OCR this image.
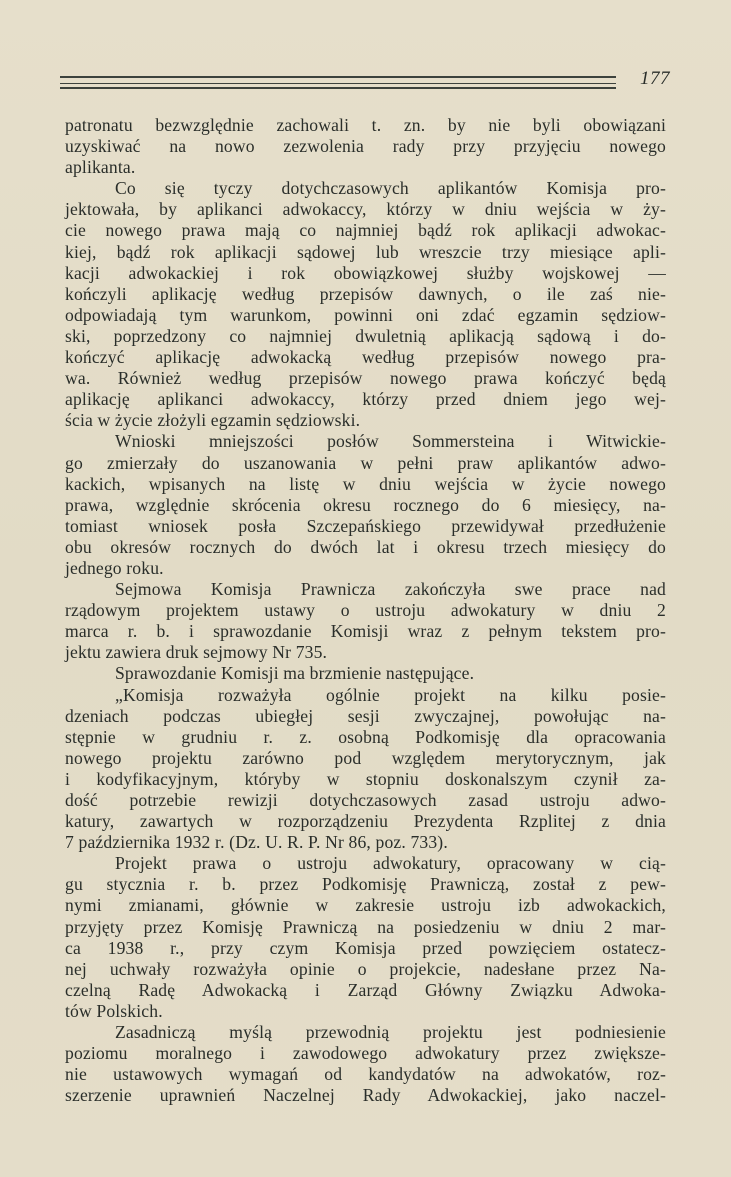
177

patronatu bezwzględnie zachowali t. zn. by nie byli obowiązani

uzyskiwać na nowo zezwolenia rady przy przyjęciu nowego

aplikanta.

Co się tyczy dotychczasowych aplikantów Komisja pro-

jektowała, by aplikanci adwokaccy, którzy w dniu wejścia w ży-

cie nowego prawa mają co najmniej bądź rok aplikacji adwokac-

kiej, bądź rok aplikacji sądowej lub wreszcie trzy miesiące apli-

kacji adwokackiej i rok obowiązkowej służby wojskowej —

kończyli aplikację według przepisów dawnych, o ile zaś nie-

odpowiadają tym warunkom, powinni oni zdać egzamin sędziow-

ski, poprzedzony co najmniej dwuletnią aplikacją sądową i do-

kończyć aplikację adwokacką według przepisów nowego pra-

wa. Również według przepisów nowego prawa kończyć będą

aplikację aplikanci adwokaccy, którzy przed dniem jego wej-

ścia w życie złożyli egzamin sędziowski.

Wnioski mniejszości posłów Sommersteina i Witwickie-

go zmierzały do uszanowania w pełni praw aplikantów adwo-

kackich, wpisanych na listę w dniu wejścia w życie nowego

prawa, względnie skrócenia okresu rocznego do 6 miesięcy, na-

tomiast wniosek posła Szczepańskiego przewidywał przedłużenie

obu okresów rocznych do dwóch lat i okresu trzech miesięcy do

jednego roku.

Sejmowa Komisja Prawnicza zakończyła swe prace nad

rządowym projektem ustawy o ustroju adwokatury w dniu 2

marca r. b. i sprawozdanie Komisji wraz z pełnym tekstem pro-

jektu zawiera druk sejmowy Nr 735.

Sprawozdanie Komisji ma brzmienie następujące.

„Komisja rozważyła ogólnie projekt na kilku posie-

dzeniach podczas ubiegłej sesji zwyczajnej, powołując na-

stępnie w grudniu r. z. osobną Podkomisję dla opracowania

nowego projektu zarówno pod względem merytorycznym, jak

i kodyfikacyjnym, któryby w stopniu doskonalszym czynił za-

dość potrzebie rewizji dotychczasowych zasad ustroju adwo-

katury, zawartych w rozporządzeniu Prezydenta Rzplitej z dnia

7 października 1932 r. (Dz. U. R. P. Nr 86, poz. 733).

Projekt prawa o ustroju adwokatury, opracowany w cią-

gu stycznia r. b. przez Podkomisję Prawniczą, został z pew-

nymi zmianami, głównie w zakresie ustroju izb adwokackich,

przyjęty przez Komisję Prawniczą na posiedzeniu w dniu 2 mar-

ca 1938 r., przy czym Komisja przed powzięciem ostatecz-

nej uchwały rozważyła opinie o projekcie, nadesłane przez Na-

czelną Radę Adwokacką i Zarząd Główny Związku Adwoka-

tów Polskich.

Zasadniczą myślą przewodnią projektu jest podniesienie

poziomu moralnego i zawodowego adwokatury przez zwiększe-

nie ustawowych wymagań od kandydatów na adwokatów, roz-

szerzenie uprawnień Naczelnej Rady Adwokackiej, jako naczel-
